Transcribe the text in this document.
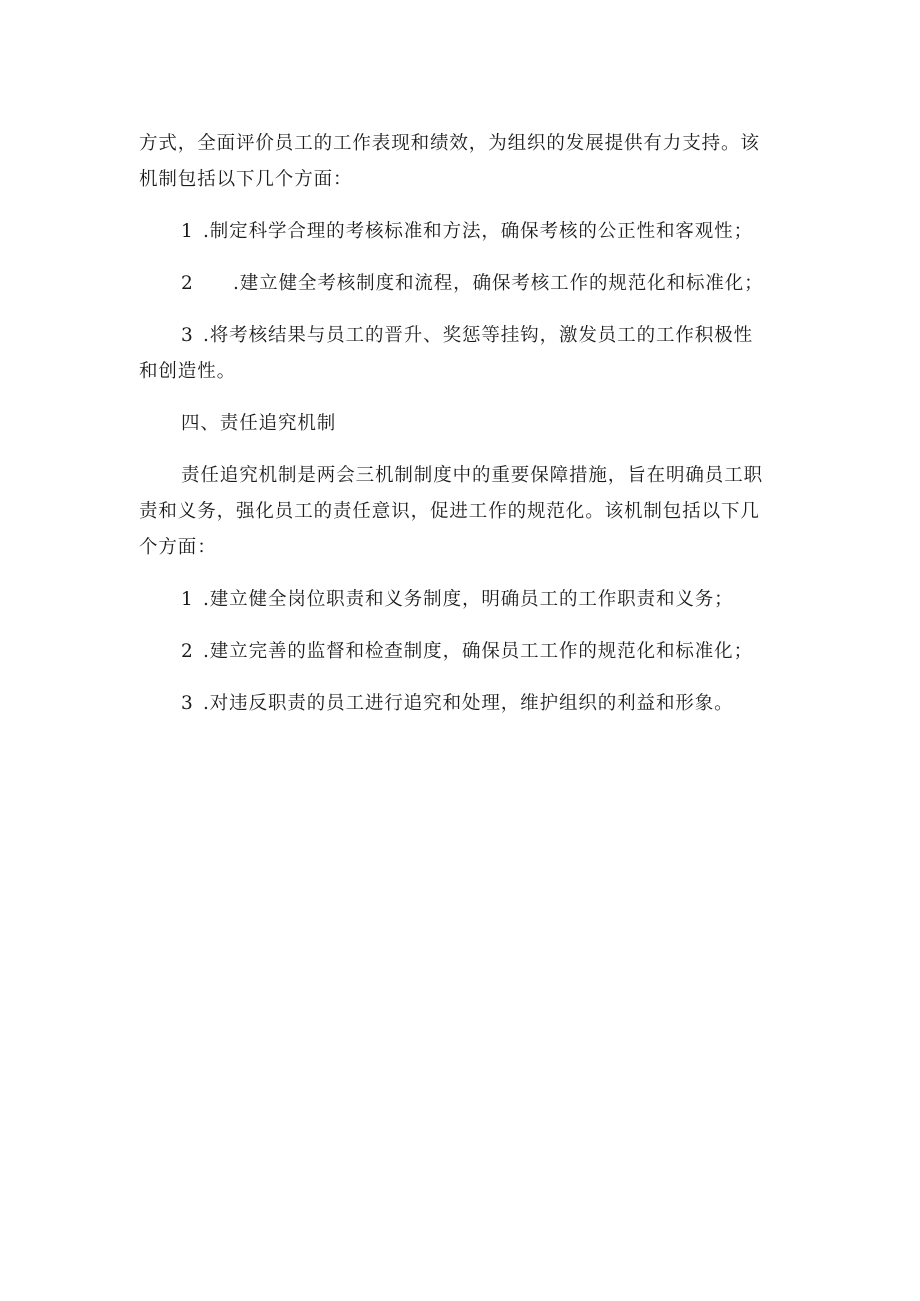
方式，全面评价员工的工作表现和绩效，为组织的发展提供有力支持。该
机制包括以下几个方面：
1 .制定科学合理的考核标准和方法，确保考核的公正性和客观性；
2 .建立健全考核制度和流程，确保考核工作的规范化和标准化；
3 .将考核结果与员工的晋升、奖惩等挂钩，激发员工的工作积极性
和创造性。
四、责任追究机制
责任追究机制是两会三机制制度中的重要保障措施，旨在明确员工职
责和义务，强化员工的责任意识，促进工作的规范化。该机制包括以下几
个方面：
1 .建立健全岗位职责和义务制度，明确员工的工作职责和义务；
2 .建立完善的监督和检查制度，确保员工工作的规范化和标准化；
3 .对违反职责的员工进行追究和处理，维护组织的利益和形象。
